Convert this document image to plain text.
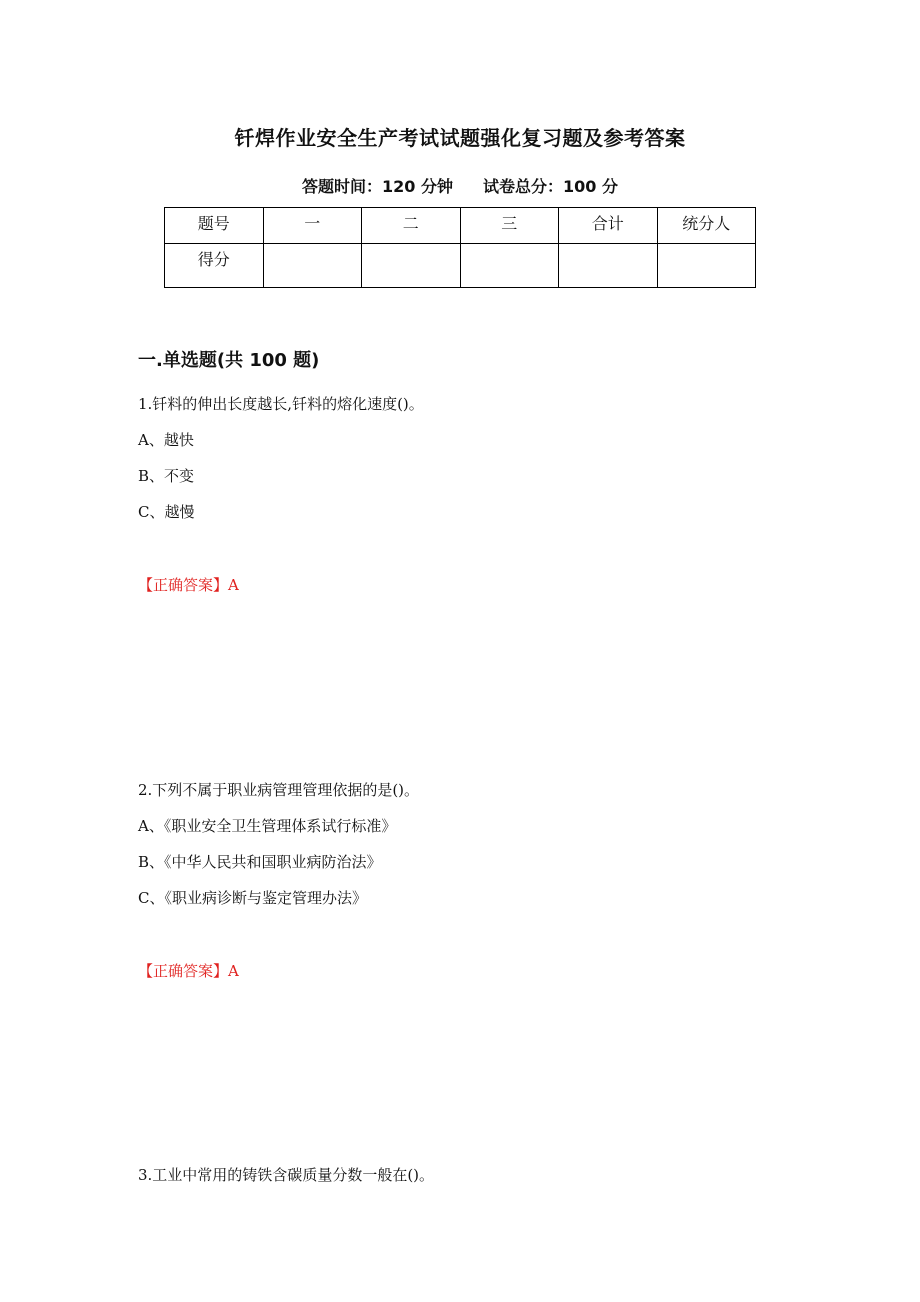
钎焊作业安全生产考试试题强化复习题及参考答案
答题时间：120 分钟 试卷总分：100 分
题号	一	二	三	合计	统分人
得分					
一.单选题(共 100 题)
1.钎料的伸出长度越长,钎料的熔化速度()。
A、越快
B、不变
C、越慢
【正确答案】A
2.下列不属于职业病管理管理依据的是()。
A、《职业安全卫生管理体系试行标准》
B、《中华人民共和国职业病防治法》
C、《职业病诊断与鉴定管理办法》
【正确答案】A
3.工业中常用的铸铁含碳质量分数一般在()。
